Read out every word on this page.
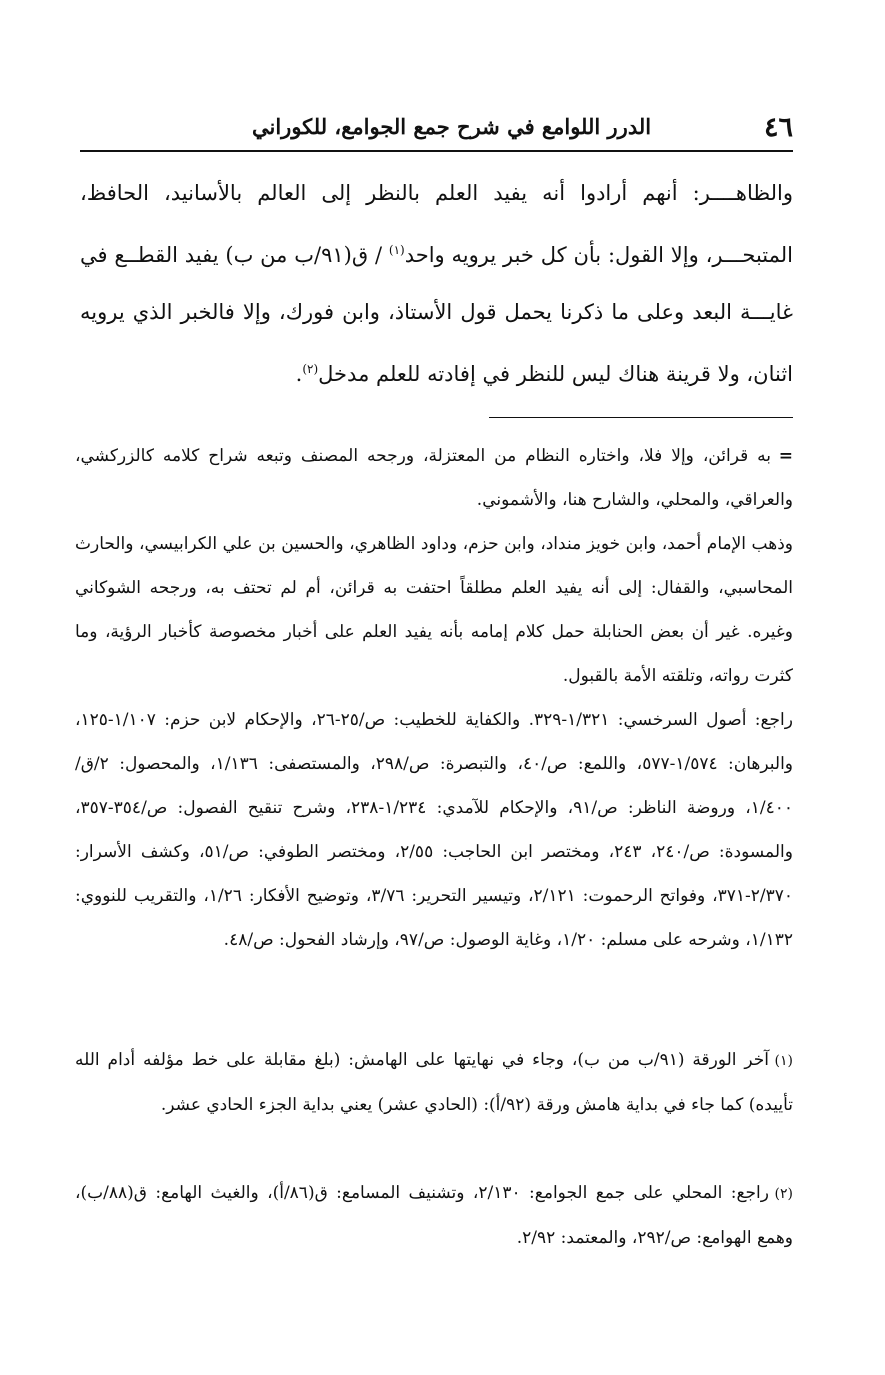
٤٦
الدرر اللوامع في شرح جمع الجوامع، للكوراني

والظاهــــر: أنهم أرادوا أنه يفيد العلم بالنظر إلى العالم بالأسانيد، الحافظ، المتبحـــر، وإلا القول: بأن كل خبر يرويه واحد$^{(١)}$ / ق(٩١/ب من ب) يفيد القطــع في غايـــة البعد وعلى ما ذكرنا يحمل قول الأستاذ، وابن فورك، وإلا فالخبر الذي يرويه اثنان، ولا قرينة هناك ليس للنظر في إفادته للعلم مدخل$^{(٢)}$.

=به قرائن، وإلا فلا، واختاره النظام من المعتزلة، ورجحه المصنف وتبعه شراح كلامه كالزركشي، والعراقي، والمحلي، والشارح هنا، والأشموني.

وذهب الإمام أحمد، وابن خويز منداد، وابن حزم، وداود الظاهري، والحسين بن علي الكرابيسي، والحارث المحاسبي، والقفال: إلى أنه يفيد العلم مطلقاً احتفت به قرائن، أم لم تحتف به، ورجحه الشوكاني وغيره. غير أن بعض الحنابلة حمل كلام إمامه بأنه يفيد العلم على أخبار مخصوصة كأخبار الرؤية، وما كثرت رواته، وتلقته الأمة بالقبول.

راجع: أصول السرخسي: ١/٣٢١-٣٢٩. والكفاية للخطيب: ص/٢٥-٢٦، والإحكام لابن حزم: ١/١٠٧-١٢٥، والبرهان: ١/٥٧٤-٥٧٧، واللمع: ص/٤٠، والتبصرة: ص/٢٩٨، والمستصفى: ١/١٣٦، والمحصول: ٢/ق/١/٤٠٠، وروضة الناظر: ص/٩١، والإحكام للآمدي: ١/٢٣٤-٢٣٨، وشرح تنقيح الفصول: ص/٣٥٤-٣٥٧، والمسودة: ص/٢٤٠، ٢٤٣، ومختصر ابن الحاجب: ٢/٥٥، ومختصر الطوفي: ص/٥١، وكشف الأسرار: ٢/٣٧٠-٣٧١، وفواتح الرحموت: ٢/١٢١، وتيسير التحرير: ٣/٧٦، وتوضيح الأفكار: ١/٢٦، والتقريب للنووي: ١/١٣٢، وشرحه على مسلم: ١/٢٠، وغاية الوصول: ص/٩٧، وإرشاد الفحول: ص/٤٨.

(١)آخر الورقة (٩١/ب من ب)، وجاء في نهايتها على الهامش: (بلغ مقابلة على خط مؤلفه أدام الله تأييده) كما جاء في بداية هامش ورقة (٩٢/أ): (الحادي عشر) يعني بداية الجزء الحادي عشر.

(٢)راجع: المحلي على جمع الجوامع: ٢/١٣٠، وتشنيف المسامع: ق(٨٦/أ)، والغيث الهامع: ق(٨٨/ب)، وهمع الهوامع: ص/٢٩٢، والمعتمد: ٢/٩٢.
